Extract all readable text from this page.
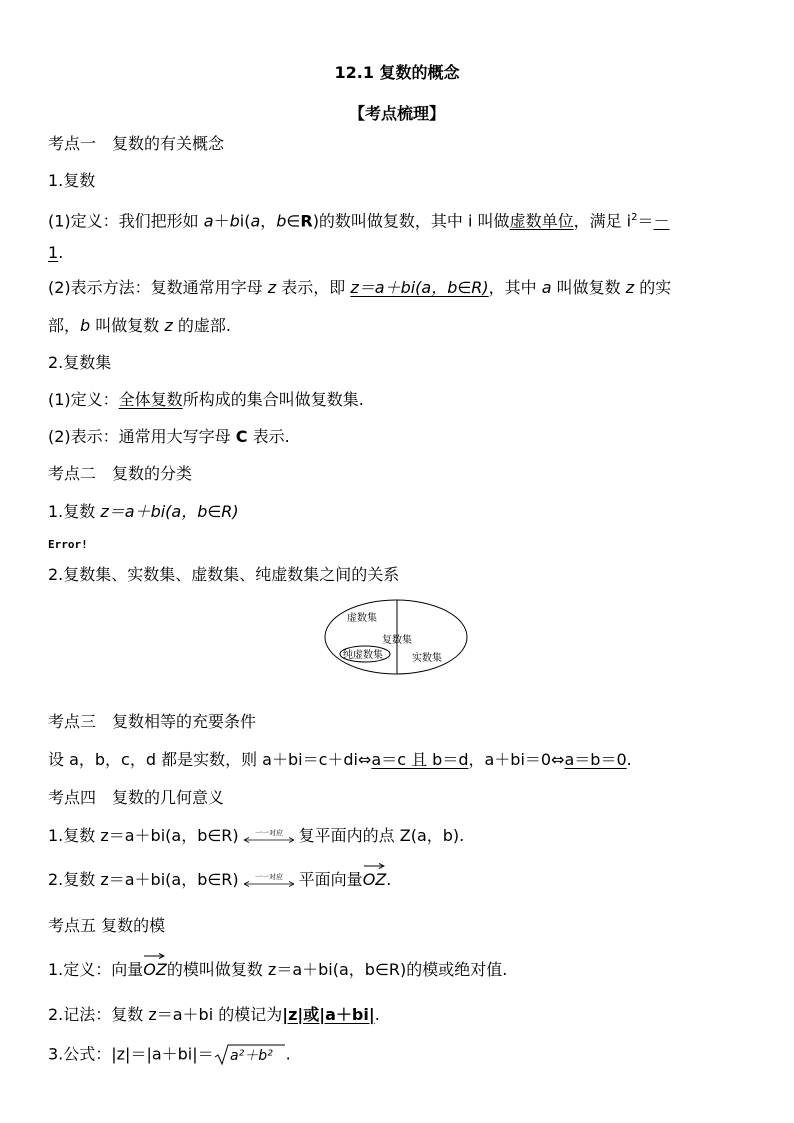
12.1 复数的概念
【考点梳理】
考点一　复数的有关概念
1.复数
(1)定义：我们把形如 a＋bi(a，b∈R)的数叫做复数，其中 i 叫做虚数单位，满足 $i^2=-$
1.
(2)表示方法：复数通常用字母 z 表示，即 z＝a＋bi(a，b∈R)，其中 a 叫做复数 z 的实
部，b 叫做复数 z 的虚部.
2.复数集
(1)定义：全体复数所构成的集合叫做复数集.
(2)表示：通常用大写字母 C 表示.
考点二　复数的分类
1.复数 z＝a＋bi(a，b∈R)
Error!
2.复数集、实数集、虚数集、纯虚数集之间的关系
虚数集
复数集
纯虚数集	实数集
考点三　复数相等的充要条件
设 a，b，c，d 都是实数，则 a＋bi＝c＋di⇔a＝c 且 b＝d，a＋bi＝0⇔a＝b＝0.
考点四　复数的几何意义
1.复数 z＝a＋bi(a，b∈R) 一一对应 复平面内的点 Z(a，b).
2.复数 z＝a＋bi(a，b∈R) 一一对应 平面向量OZ
.
考点五 复数的模
1.定义：向量OZ
的模叫做复数 z＝a＋bi(a，b∈R)的模或绝对值.
2.记法：复数 z＝a＋bi 的模记为|z|或|a＋bi|.
3.公式：|z|＝|a＋bi|＝ a²＋b² .
